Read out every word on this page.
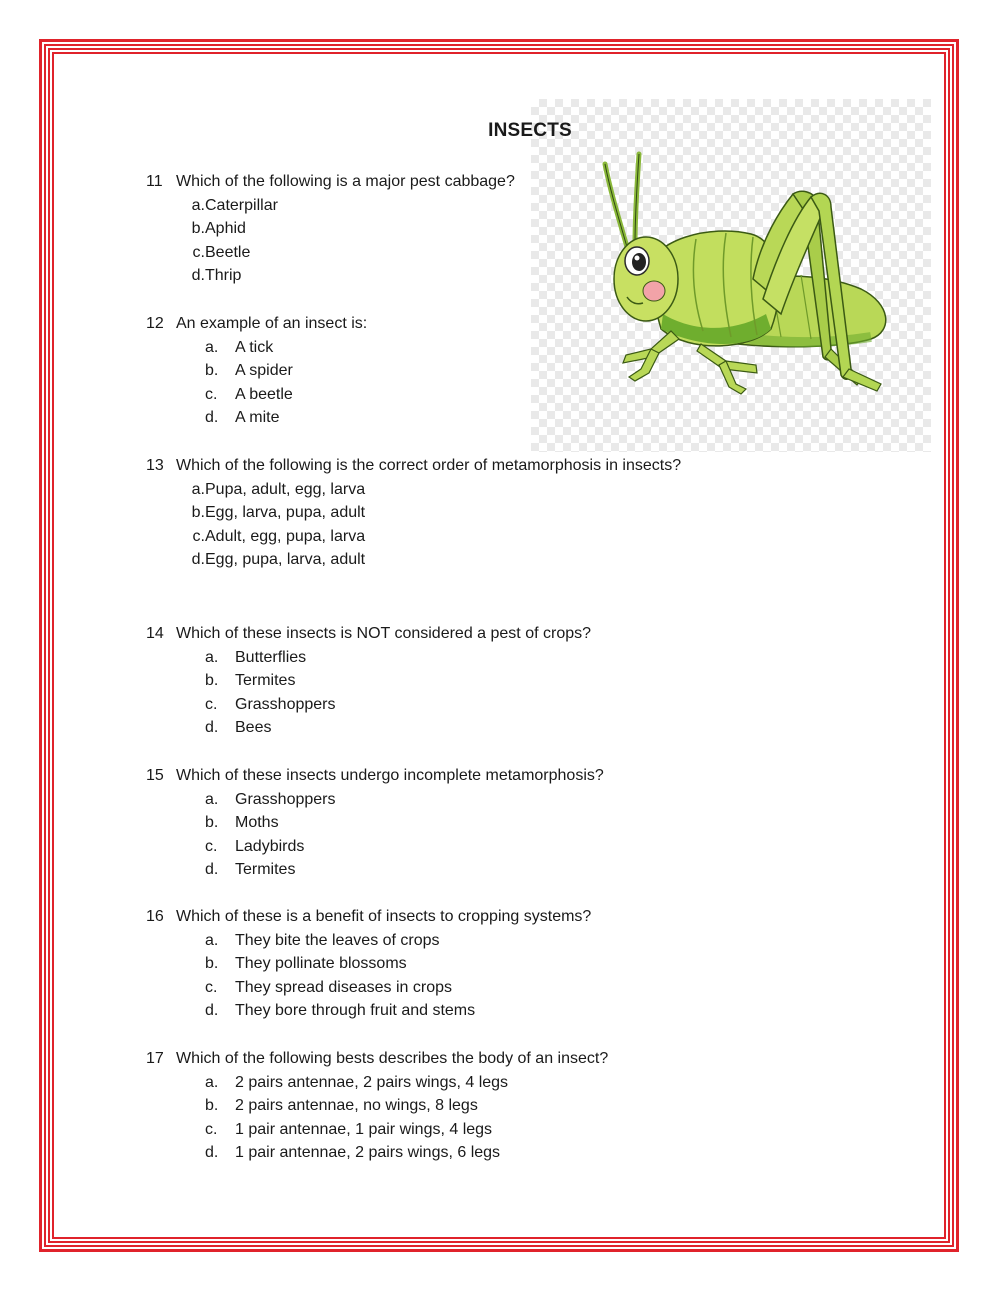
INSECTS
11 Which of the following is a major pest cabbage?
a. Caterpillar
b. Aphid
c. Beetle
d. Thrip
12 An example of an insect is:
a.	A tick
b.	A spider
c.	A beetle
d.	A mite
13 Which of the following is the correct order of metamorphosis in insects?
a. Pupa, adult, egg, larva
b. Egg, larva, pupa, adult
c. Adult, egg, pupa, larva
d. Egg, pupa, larva, adult
14 Which of these insects is NOT considered a pest of crops?
a.	Butterflies
b.	Termites
c.	Grasshoppers
d.	Bees
15 Which of these insects undergo incomplete metamorphosis?
a.	Grasshoppers
b.	Moths
c.	Ladybirds
d.	Termites
16 Which of these is a benefit of insects to cropping systems?
a.	They bite the leaves of crops
b.	They pollinate blossoms
c.	They spread diseases in crops
d.	They bore through fruit and stems
17 Which of the following bests describes the body of an insect?
a.	2 pairs antennae, 2 pairs wings, 4 legs
b.	2 pairs antennae, no wings, 8 legs
c.	1 pair antennae, 1 pair wings, 4 legs
d.	1 pair antennae, 2 pairs wings, 6 legs
